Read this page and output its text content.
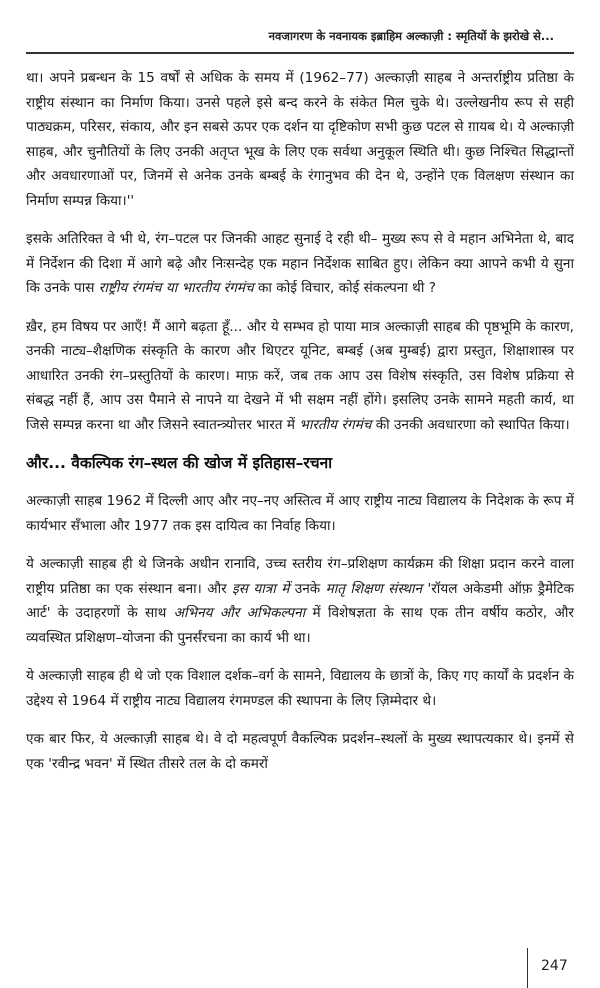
नवजागरण के नवनायक इब्राहिम अल्काज़ी : स्मृतियों के झरोखे से...

था। अपने प्रबन्धन के 15 वर्षों से अधिक के समय में (1962–77) अल्काज़ी साहब ने अन्तर्राष्ट्रीय प्रतिष्ठा के राष्ट्रीय संस्थान का निर्माण किया। उनसे पहले इसे बन्द करने के संकेत मिल चुके थे। उल्लेखनीय रूप से सही पाठ्यक्रम, परिसर, संकाय, और इन सबसे ऊपर एक दर्शन या दृष्टिकोण सभी कुछ पटल से ग़ायब थे। ये अल्काज़ी साहब, और चुनौतियों के लिए उनकी अतृप्त भूख के लिए एक सर्वथा अनुकूल स्थिति थी। कुछ निश्चित सिद्धान्तों और अवधारणाओं पर, जिनमें से अनेक उनके बम्बई के रंगानुभव की देन थे, उन्होंने एक विलक्षण संस्थान का निर्माण सम्पन्न किया।''

इसके अतिरिक्त वे भी थे, रंग–पटल पर जिनकी आहट सुनाई दे रही थी– मुख्य रूप से वे महान अभिनेता थे, बाद में निर्देशन की दिशा में आगे बढ़े और निःसन्देह एक महान निर्देशक साबित हुए। लेकिन क्या आपने कभी ये सुना कि उनके पास राष्ट्रीय रंगमंच या भारतीय रंगमंच का कोई विचार, कोई संकल्पना थी ?

ख़ैर, हम विषय पर आएँ! मैं आगे बढ़ता हूँ... और ये सम्भव हो पाया मात्र अल्काज़ी साहब की पृष्ठभूमि के कारण, उनकी नाट्य–शैक्षणिक संस्कृति के कारण और थिएटर यूनिट, बम्बई (अब मुम्बई) द्वारा प्रस्तुत, शिक्षाशास्त्र पर आधारित उनकी रंग–प्रस्तुतियों के कारण। माफ़ करें, जब तक आप उस विशेष संस्कृति, उस विशेष प्रक्रिया से संबद्ध नहीं हैं, आप उस पैमाने से नापने या देखने में भी सक्षम नहीं होंगे। इसलिए उनके सामने महती कार्य, था जिसे सम्पन्न करना था और जिसने स्वातन्त्र्योत्तर भारत में भारतीय रंगमंच की उनकी अवधारणा को स्थापित किया।

और... वैकल्पिक रंग–स्थल की खोज में इतिहास–रचना

अल्काज़ी साहब 1962 में दिल्ली आए और नए–नए अस्तित्व में आए राष्ट्रीय नाट्य विद्यालय के निदेशक के रूप में कार्यभार सँभाला और 1977 तक इस दायित्व का निर्वाह किया।

ये अल्काज़ी साहब ही थे जिनके अधीन रानावि, उच्च स्तरीय रंग–प्रशिक्षण कार्यक्रम की शिक्षा प्रदान करने वाला राष्ट्रीय प्रतिष्ठा का एक संस्थान बना। और इस यात्रा में उनके मातृ शिक्षण संस्थान 'रॉयल अकेडमी ऑफ़ ड्रैमेटिक आर्ट' के उदाहरणों के साथ अभिनय और अभिकल्पना में विशेषज्ञता के साथ एक तीन वर्षीय कठोर, और व्यवस्थित प्रशिक्षण–योजना की पुनर्संरचना का कार्य भी था।

ये अल्काज़ी साहब ही थे जो एक विशाल दर्शक–वर्ग के सामने, विद्यालय के छात्रों के, किए गए कार्यों के प्रदर्शन के उद्देश्य से 1964 में राष्ट्रीय नाट्य विद्यालय रंगमण्डल की स्थापना के लिए ज़िम्मेदार थे।

एक बार फिर, ये अल्काज़ी साहब थे। वे दो महत्वपूर्ण वैकल्पिक प्रदर्शन–स्थलों के मुख्य स्थापत्यकार थे। इनमें से एक 'रवीन्द्र भवन' में स्थित तीसरे तल के दो कमरों

247
